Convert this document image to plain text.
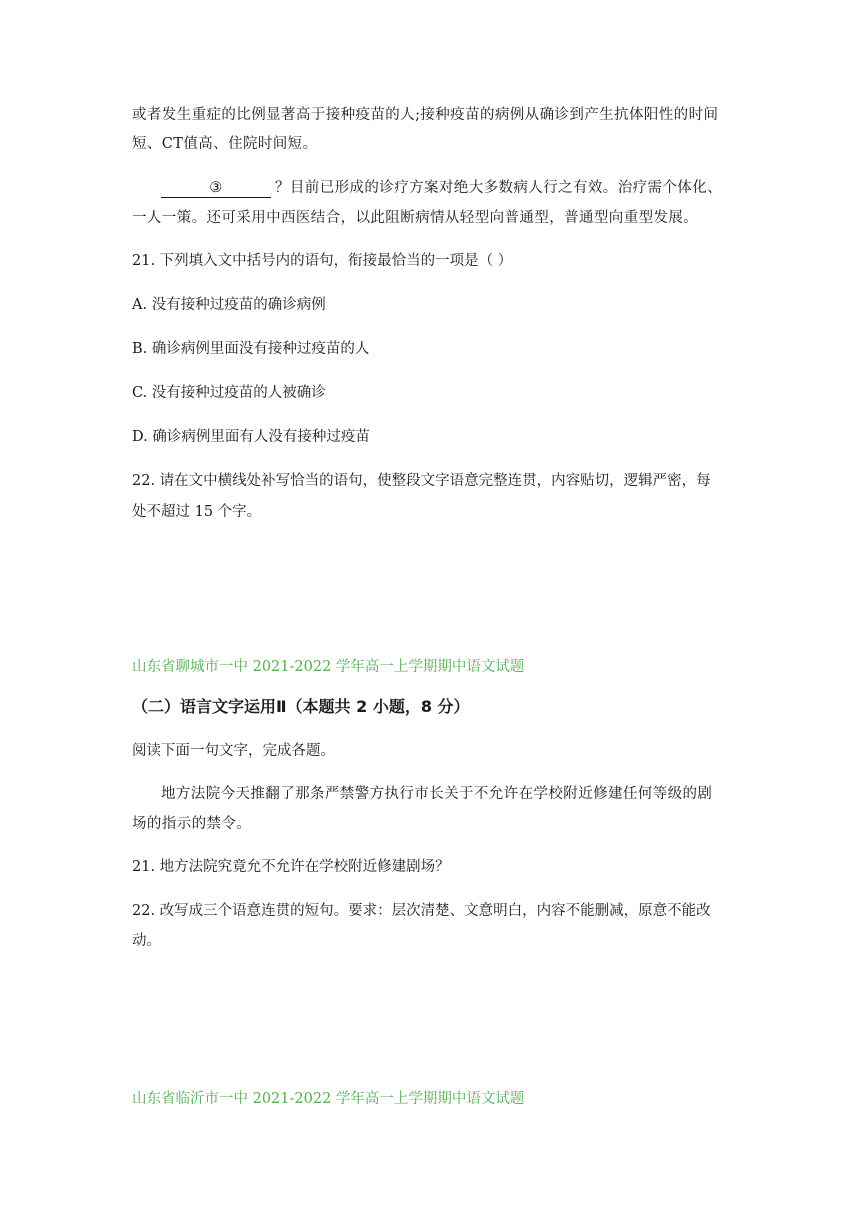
或者发生重症的比例显著高于接种疫苗的人;接种疫苗的病例从确诊到产生抗体阳性的时间
短、CT值高、住院时间短。
③	？目前已形成的诊疗方案对绝大多数病人行之有效。治疗需个体化、
一人一策。还可采用中西医结合，以此阻断病情从轻型向普通型，普通型向重型发展。
21. 下列填入文中括号内的语句，衔接最恰当的一项是（ ）
A. 没有接种过疫苗的确诊病例
B. 确诊病例里面没有接种过疫苗的人
C. 没有接种过疫苗的人被确诊
D. 确诊病例里面有人没有接种过疫苗
22. 请在文中横线处补写恰当的语句，使整段文字语意完整连贯，内容贴切，逻辑严密，每
处不超过 15 个字。
山东省聊城市一中 2021-2022 学年高一上学期期中语文试题
（二）语言文字运用Ⅱ（本题共 2 小题，8 分）
阅读下面一句文字，完成各题。
地方法院今天推翻了那条严禁警方执行市长关于不允许在学校附近修建任何等级的剧
场的指示的禁令。
21. 地方法院究竟允不允许在学校附近修建剧场？
22. 改写成三个语意连贯的短句。要求：层次清楚、文意明白，内容不能删减，原意不能改
动。
山东省临沂市一中 2021-2022 学年高一上学期期中语文试题
